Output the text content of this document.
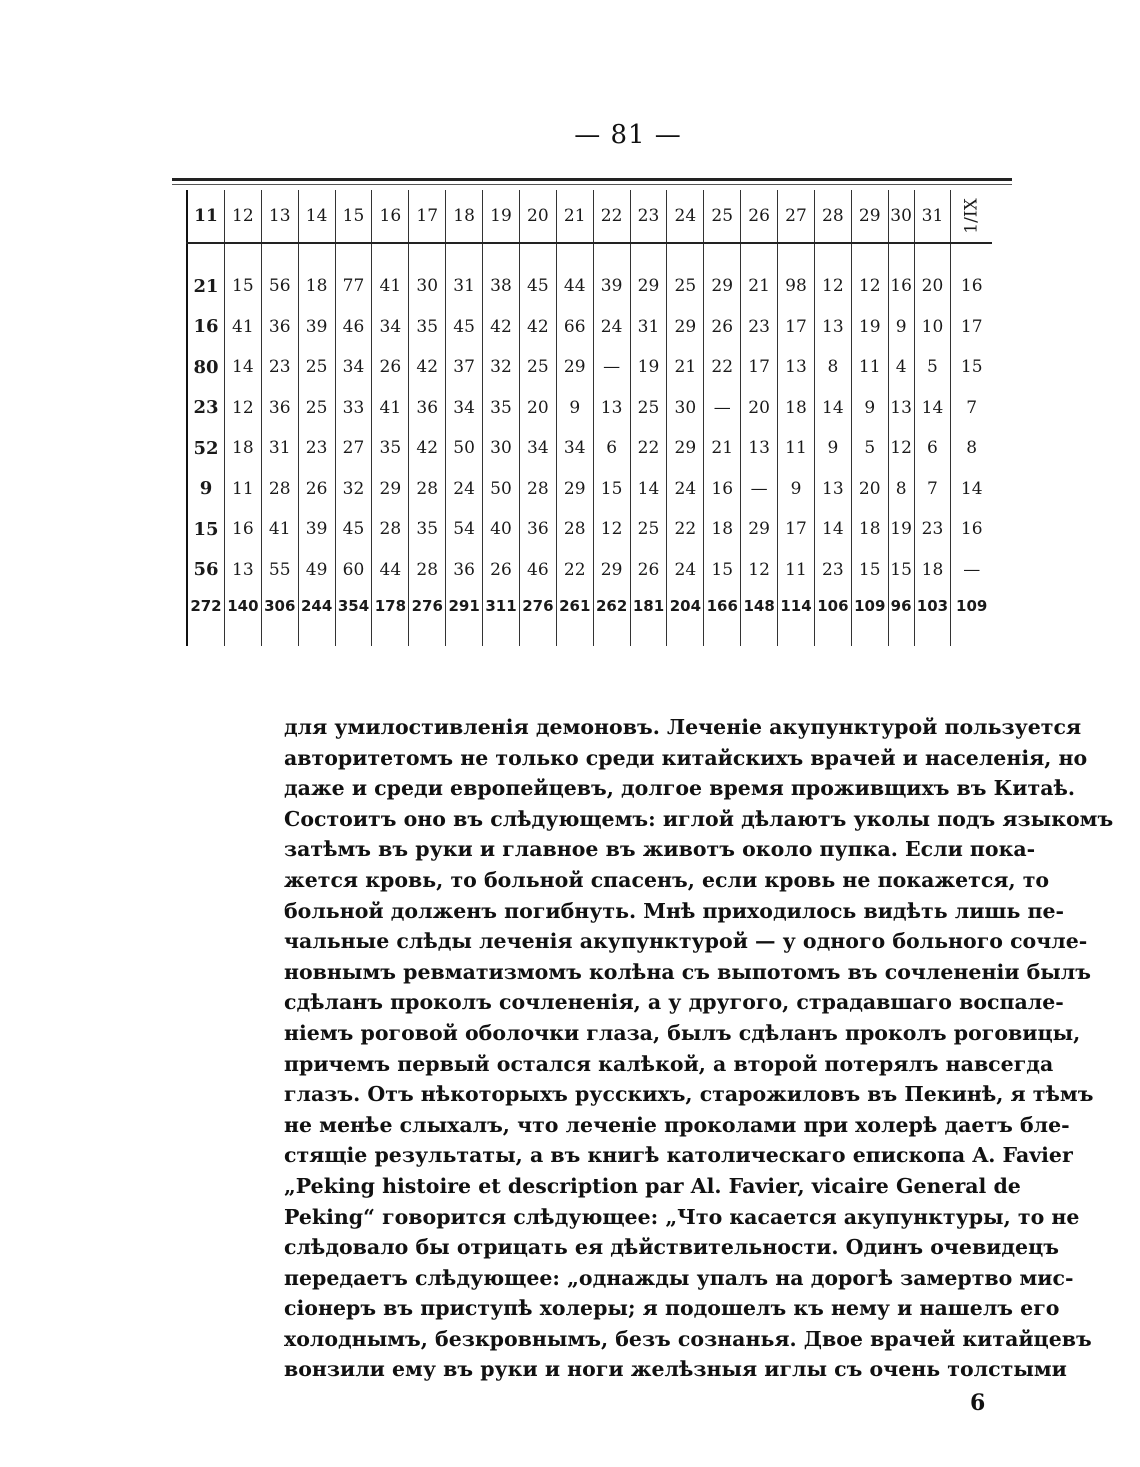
— 81 —
11	12	13	14	15	16	17	18	19	20	21	22	23	24	25	26	27	28	29	30	31	1/IX

21	15	56	18	77	41	30	31	38	45	44	39	29	25	29	21	98	12	12	16	20	16
16	41	36	39	46	34	35	45	42	42	66	24	31	29	26	23	17	13	19	9	10	17
80	14	23	25	34	26	42	37	32	25	29	—	19	21	22	17	13	8	11	4	5	15
23	12	36	25	33	41	36	34	35	20	9	13	25	30	—	20	18	14	9	13	14	7
52	18	31	23	27	35	42	50	30	34	34	6	22	29	21	13	11	9	5	12	6	8
9	11	28	26	32	29	28	24	50	28	29	15	14	24	16	—	9	13	20	8	7	14
15	16	41	39	45	28	35	54	40	36	28	12	25	22	18	29	17	14	18	19	23	16
56	13	55	49	60	44	28	36	26	46	22	29	26	24	15	12	11	23	15	15	18	—
272	140	306	244	354	178	276	291	311	276	261	262	181	204	166	148	114	106	109	96	103	109

для умилостивленія демоновъ. Леченіе акупунктурой пользуется
авторитетомъ не только среди китайскихъ врачей и населенія, но
даже и среди европейцевъ, долгое время проживщихъ въ Китаѣ.
Состоитъ оно въ слѣдующемъ: иглой дѣлаютъ уколы подъ языкомъ
затѣмъ въ руки и главное въ животъ около пупка. Если пока-
жется кровь, то больной спасенъ, если кровь не покажется, то
больной долженъ погибнуть. Мнѣ приходилось видѣть лишь пе-
чальные слѣды леченія акупунктурой — у одного больного сочле-
новнымъ ревматизмомъ колѣна съ выпотомъ въ сочлененіи былъ
сдѣланъ проколъ сочлененія, а у другого, страдавшаго воспале-
ніемъ роговой оболочки глаза, былъ сдѣланъ проколъ роговицы,
причемъ первый остался калѣкой, а второй потерялъ навсегда
глазъ. Отъ нѣкоторыхъ русскихъ, старожиловъ въ Пекинѣ, я тѣмъ
не менѣе слыхалъ, что леченіе проколами при холерѣ даетъ бле-
стящіе результаты, а въ книгѣ католическаго епископа A. Favier
„Peking histoire et description par Al. Favier, vicaire General de
Peking“ говорится слѣдующее: „Что касается акупунктуры, то не
слѣдовало бы отрицать ея дѣйствительности. Одинъ очевидецъ
передаетъ слѣдующее: „однажды упалъ на дорогѣ замертво мис-
сіонеръ въ приступѣ холеры; я подошелъ къ нему и нашелъ его
холоднымъ, безкровнымъ, безъ сознанья. Двое врачей китайцевъ
вонзили ему въ руки и ноги желѣзныя иглы съ очень толстыми
6
